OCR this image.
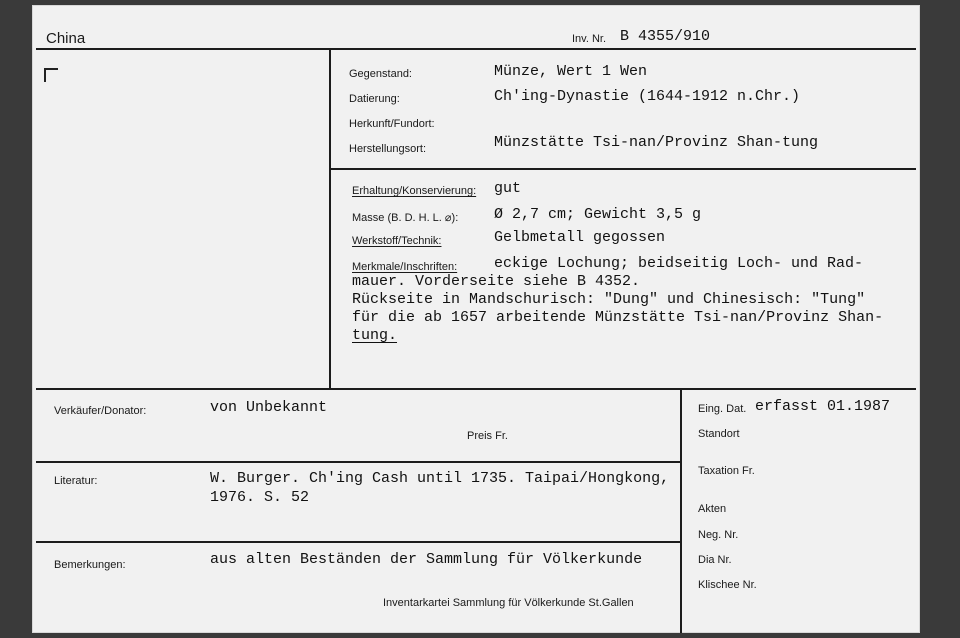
China	Inv. Nr. B 4355/910
Gegenstand:	Münze, Wert 1 Wen
Datierung:	Ch'ing-Dynastie (1644-1912 n.Chr.)
Herkunft/Fundort:
Herstellungsort:	Münzstätte Tsi-nan/Provinz Shan-tung
Erhaltung/Konservierung: gut
Masse (B. D. H. L. ⌀): Ø 2,7 cm; Gewicht 3,5 g
Werkstoff/Technik:	Gelbmetall gegossen
Merkmale/Inschriften: eckige Lochung; beidseitig Loch- und Rad-
mauer. Vorderseite siehe B 4352.
Rückseite in Mandschurisch: "Dung" und Chinesisch: "Tung"
für die ab 1657 arbeitende Münzstätte Tsi-nan/Provinz Shan-
tung.
Verkäufer/Donator:	von Unbekannt
Preis Fr.
Literatur:	W. Burger. Ch'ing Cash until 1735. Taipai/Hongkong,
1976. S. 52
Bemerkungen:	aus alten Beständen der Sammlung für Völkerkunde
Inventarkartei Sammlung für Völkerkunde St.Gallen
Eing. Dat. erfasst 01.1987
Standort
Taxation Fr.
Akten
Neg. Nr.
Dia Nr.
Klischee Nr.
